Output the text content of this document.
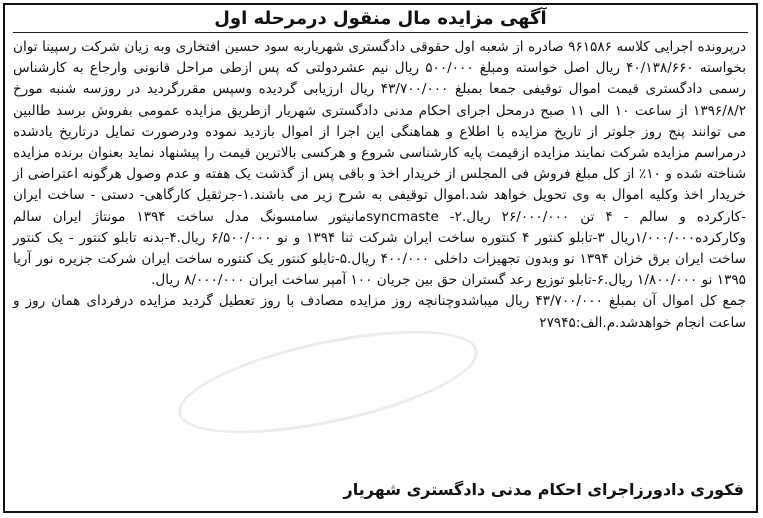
آگهی مزایده مال منقول درمرحله اول

درپرونده اجرایی کلاسه ۹۶۱۵۸۶ صادره از شعبه اول حقوقی دادگستری شهریاربه سود حسین افتخاری وبه زیان شرکت رسپینا توان بخواسته ۴۰/۱۳۸/۶۶۰ ریال اصل خواسته ومبلغ ۵۰۰/۰۰۰ ریال نیم عشردولتی که پس ازطی مراحل قانونی وارجاع به کارشناس رسمی دادگستری قیمت اموال توقیفی جمعا بمبلغ ۴۳/۷۰۰/۰۰۰ ریال ارزیابی گردیده وسپس مقررگردید در روزسه شنبه مورخ ۱۳۹۶/۸/۲ از ساعت ۱۰ الی ۱۱ صبح درمحل اجرای احکام مدنی دادگستری شهریار ازطریق مزایده عمومی بفروش برسد طالبین می توانند پنج روز جلوتر از تاریخ مزایده با اطلاع و هماهنگی این اجرا از اموال بازدید نموده ودرصورت تمایل درتاریخ یادشده درمراسم مزایده شرکت نمایند مزایده ازقیمت پایه کارشناسی شروع و هرکسی بالاترین قیمت را پیشنهاد نماید بعنوان برنده مزایده شناخته شده و ۱۰٪ از کل مبلغ فروش فی المجلس از خریدار اخذ و باقی پس از گذشت یک هفته و عدم وصول هرگونه اعتراضی از خریدار اخذ وکلیه اموال به وی تحویل خواهد شد.اموال توقیفی به شرح زیر می باشند.۱-جرثقیل کارگاهی- دستی - ساخت ایران -کارکرده و سالم - ۴ تن ۲۶/۰۰۰/۰۰۰ ریال.۲- syncmasteمانیتور سامسونگ مدل ساخت ۱۳۹۴ مونتاژ ایران سالم وکارکرده۱/۰۰۰/۰۰۰ریال ۳-تابلو کنتور ۴ کنتوره ساخت ایران شرکت ثنا ۱۳۹۴ و نو ۶/۵۰۰/۰۰۰ ریال.۴-بدنه تابلو کنتور - یک کنتور ساخت ایران برق خزان ۱۳۹۴ نو وبدون تجهیزات داخلی ۴۰۰/۰۰۰ ریال.۵-تابلو کنتور یک کنتوره ساخت ایران شرکت جزیره نور آریا ۱۳۹۵ نو ۱/۸۰۰/۰۰۰ ریال.۶-تابلو توزیع رعد گستران حق بین جریان ۱۰۰ آمپر ساخت ایران ۸/۰۰۰/۰۰۰ ریال.

جمع کل اموال آن بمبلغ ۴۳/۷۰۰/۰۰۰ ریال میباشدوچنانچه روز مزایده مصادف با روز تعطیل گردید مزایده درفردای همان روز و ساعت انجام خواهدشد.م.الف:۲۷۹۴۵

فکوری دادورزاجرای احکام مدنی دادگستری شهریار
